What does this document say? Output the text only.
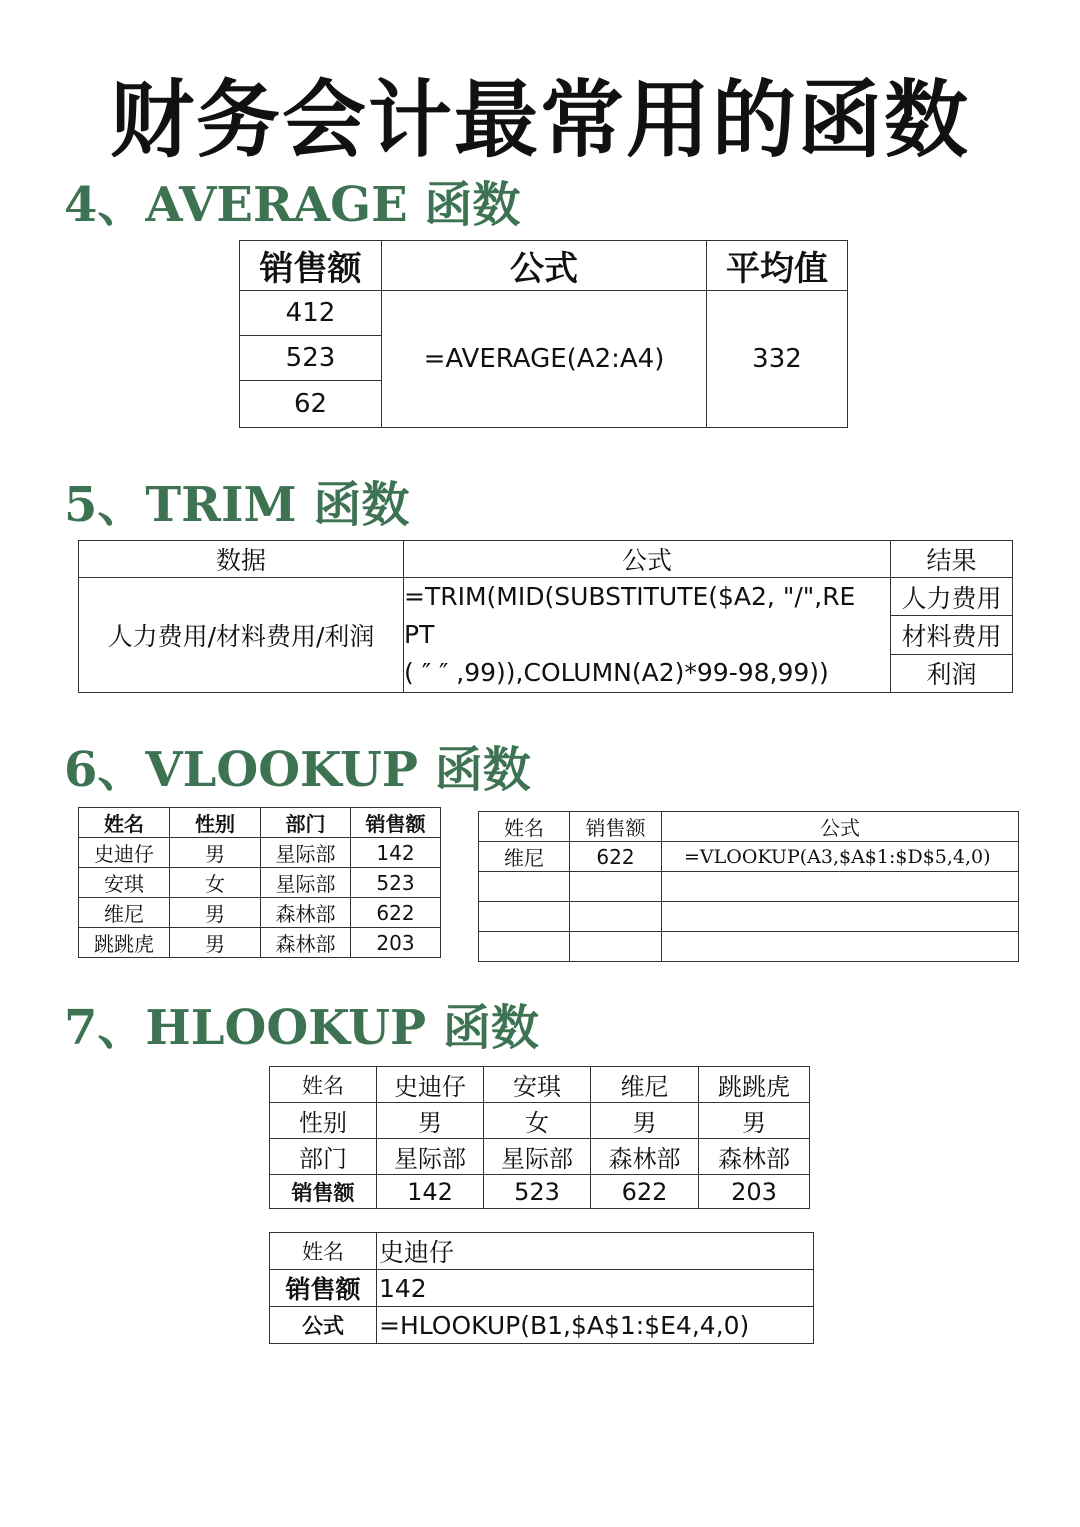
财务会计最常用的函数
4、AVERAGE 函数
销售额	公式	平均值
412	=AVERAGE(A2:A4)	332
523		
62		
5、TRIM 函数
数据	公式	结果
人力费用/材料费用/利润	=TRIM(MID(SUBSTITUTE($A2, "/",RE
PT
( ″ ″ ,99)),COLUMN(A2)*99-98,99))	人力费用
		材料费用
		利润
6、VLOOKUP 函数
姓名	性别	部门	销售额
史迪仔	男	星际部	142
安琪	女	星际部	523
维尼	男	森林部	622
跳跳虎	男	森林部	203
姓名	销售额	公式
维尼	622	=VLOOKUP(A3,$A$1:$D$5,4,0)

7、HLOOKUP 函数
姓名	史迪仔	安琪	维尼	跳跳虎
性别	男	女	男	男
部门	星际部	星际部	森林部	森林部
销售额	142	523	622	203
姓名	史迪仔
销售额	142
公式	=HLOOKUP(B1,$A$1:$E4,4,0)
